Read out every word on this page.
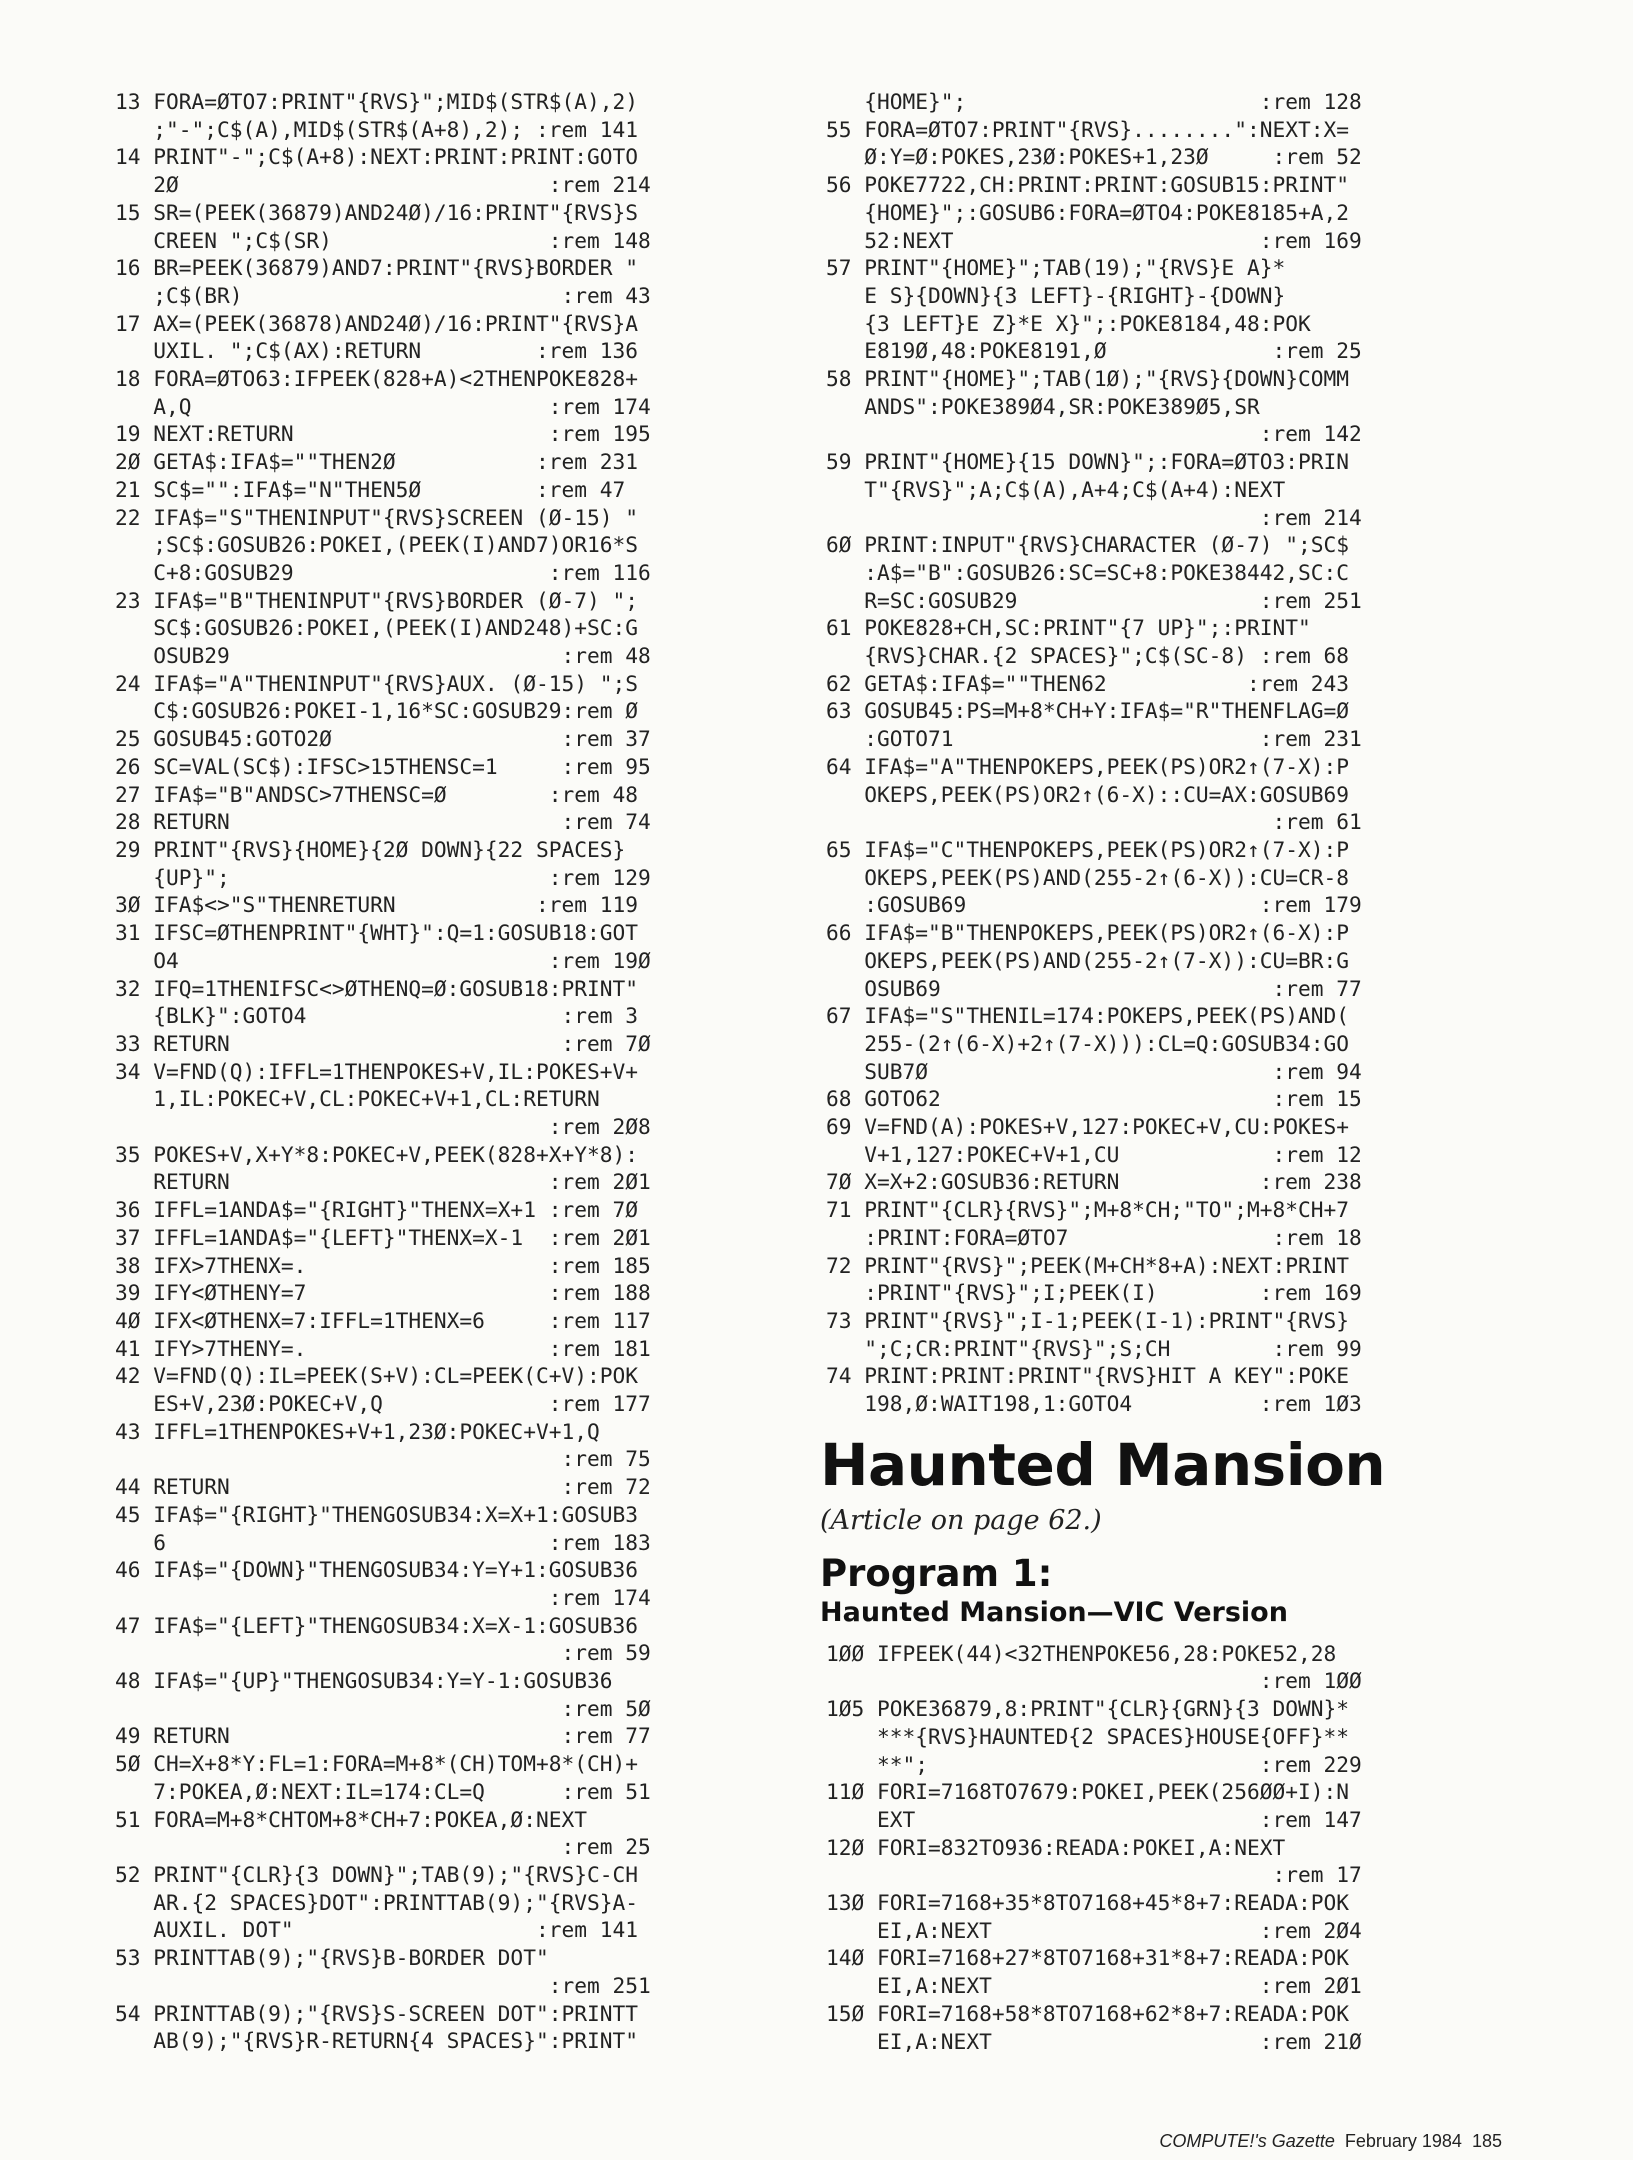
13 FORA=ØTO7:PRINT"{RVS}";MID$(STR$(A),2)
;"-";C$(A),MID$(STR$(A+8),2); :rem 141
14 PRINT"-";C$(A+8):NEXT:PRINT:PRINT:GOTO
2Ø                             :rem 214
15 SR=(PEEK(36879)AND24Ø)/16:PRINT"{RVS}S
CREEN ";C$(SR)                 :rem 148
16 BR=PEEK(36879)AND7:PRINT"{RVS}BORDER "
;C$(BR)                         :rem 43
17 AX=(PEEK(36878)AND24Ø)/16:PRINT"{RVS}A
UXIL. ";C$(AX):RETURN         :rem 136
18 FORA=ØTO63:IFPEEK(828+A)<2THENPOKE828+
A,Q                            :rem 174
19 NEXT:RETURN                    :rem 195
2Ø GETA$:IFA$=""THEN2Ø           :rem 231
21 SC$="":IFA$="N"THEN5Ø         :rem 47
22 IFA$="S"THENINPUT"{RVS}SCREEN (Ø-15) "
;SC$:GOSUB26:POKEI,(PEEK(I)AND7)OR16*S
C+8:GOSUB29                    :rem 116
23 IFA$="B"THENINPUT"{RVS}BORDER (Ø-7) ";
SC$:GOSUB26:POKEI,(PEEK(I)AND248)+SC:G
OSUB29                          :rem 48
24 IFA$="A"THENINPUT"{RVS}AUX. (Ø-15) ";S
C$:GOSUB26:POKEI-1,16*SC:GOSUB29:rem Ø
25 GOSUB45:GOTO2Ø                  :rem 37
26 SC=VAL(SC$):IFSC>15THENSC=1     :rem 95
27 IFA$="B"ANDSC>7THENSC=Ø        :rem 48
28 RETURN                          :rem 74
29 PRINT"{RVS}{HOME}{2Ø DOWN}{22 SPACES}
{UP}";                         :rem 129
3Ø IFA$<>"S"THENRETURN           :rem 119
31 IFSC=ØTHENPRINT"{WHT}":Q=1:GOSUB18:GOT
O4                             :rem 19Ø
32 IFQ=1THENIFSC<>ØTHENQ=Ø:GOSUB18:PRINT"
{BLK}":GOTO4                    :rem 3
33 RETURN                          :rem 7Ø
34 V=FND(Q):IFFL=1THENPOKES+V,IL:POKES+V+
1,IL:POKEC+V,CL:POKEC+V+1,CL:RETURN
:rem 2Ø8
35 POKES+V,X+Y*8:POKEC+V,PEEK(828+X+Y*8):
RETURN                         :rem 2Ø1
36 IFFL=1ANDA$="{RIGHT}"THENX=X+1 :rem 7Ø
37 IFFL=1ANDA$="{LEFT}"THENX=X-1  :rem 2Ø1
38 IFX>7THENX=.                   :rem 185
39 IFY<ØTHENY=7                   :rem 188
4Ø IFX<ØTHENX=7:IFFL=1THENX=6     :rem 117
41 IFY>7THENY=.                   :rem 181
42 V=FND(Q):IL=PEEK(S+V):CL=PEEK(C+V):POK
ES+V,23Ø:POKEC+V,Q             :rem 177
43 IFFL=1THENPOKES+V+1,23Ø:POKEC+V+1,Q
:rem 75
44 RETURN                          :rem 72
45 IFA$="{RIGHT}"THENGOSUB34:X=X+1:GOSUB3
6                              :rem 183
46 IFA$="{DOWN}"THENGOSUB34:Y=Y+1:GOSUB36
:rem 174
47 IFA$="{LEFT}"THENGOSUB34:X=X-1:GOSUB36
:rem 59
48 IFA$="{UP}"THENGOSUB34:Y=Y-1:GOSUB36
:rem 5Ø
49 RETURN                          :rem 77
5Ø CH=X+8*Y:FL=1:FORA=M+8*(CH)TOM+8*(CH)+
7:POKEA,Ø:NEXT:IL=174:CL=Q      :rem 51
51 FORA=M+8*CHTOM+8*CH+7:POKEA,Ø:NEXT
:rem 25
52 PRINT"{CLR}{3 DOWN}";TAB(9);"{RVS}C-CH
AR.{2 SPACES}DOT":PRINTTAB(9);"{RVS}A-
AUXIL. DOT"                   :rem 141
53 PRINTTAB(9);"{RVS}B-BORDER DOT"
:rem 251
54 PRINTTAB(9);"{RVS}S-SCREEN DOT":PRINTT
AB(9);"{RVS}R-RETURN{4 SPACES}":PRINT"
{HOME}";                       :rem 128
55 FORA=ØTO7:PRINT"{RVS}........":NEXT:X=
Ø:Y=Ø:POKES,23Ø:POKES+1,23Ø     :rem 52
56 POKE7722,CH:PRINT:PRINT:GOSUB15:PRINT"
{HOME}";:GOSUB6:FORA=ØTO4:POKE8185+A,2
52:NEXT                        :rem 169
57 PRINT"{HOME}";TAB(19);"{RVS}E A}*
E S}{DOWN}{3 LEFT}-{RIGHT}-{DOWN}
{3 LEFT}E Z}*E X}";:POKE8184,48:POK
E819Ø,48:POKE8191,Ø             :rem 25
58 PRINT"{HOME}";TAB(1Ø);"{RVS}{DOWN}COMM
ANDS":POKE389Ø4,SR:POKE389Ø5,SR
:rem 142
59 PRINT"{HOME}{15 DOWN}";:FORA=ØTO3:PRIN
T"{RVS}";A;C$(A),A+4;C$(A+4):NEXT
:rem 214
6Ø PRINT:INPUT"{RVS}CHARACTER (Ø-7) ";SC$
:A$="B":GOSUB26:SC=SC+8:POKE38442,SC:C
R=SC:GOSUB29                   :rem 251
61 POKE828+CH,SC:PRINT"{7 UP}";:PRINT"
{RVS}CHAR.{2 SPACES}";C$(SC-8) :rem 68
62 GETA$:IFA$=""THEN62           :rem 243
63 GOSUB45:PS=M+8*CH+Y:IFA$="R"THENFLAG=Ø
:GOTO71                        :rem 231
64 IFA$="A"THENPOKEPS,PEEK(PS)OR2↑(7-X):P
OKEPS,PEEK(PS)OR2↑(6-X)::CU=AX:GOSUB69
:rem 61
65 IFA$="C"THENPOKEPS,PEEK(PS)OR2↑(7-X):P
OKEPS,PEEK(PS)AND(255-2↑(6-X)):CU=CR-8
:GOSUB69                       :rem 179
66 IFA$="B"THENPOKEPS,PEEK(PS)OR2↑(6-X):P
OKEPS,PEEK(PS)AND(255-2↑(7-X)):CU=BR:G
OSUB69                          :rem 77
67 IFA$="S"THENIL=174:POKEPS,PEEK(PS)AND(
255-(2↑(6-X)+2↑(7-X))):CL=Q:GOSUB34:GO
SUB7Ø                           :rem 94
68 GOTO62                          :rem 15
69 V=FND(A):POKES+V,127:POKEC+V,CU:POKES+
V+1,127:POKEC+V+1,CU            :rem 12
7Ø X=X+2:GOSUB36:RETURN           :rem 238
71 PRINT"{CLR}{RVS}";M+8*CH;"TO";M+8*CH+7
:PRINT:FORA=ØTO7                :rem 18
72 PRINT"{RVS}";PEEK(M+CH*8+A):NEXT:PRINT
:PRINT"{RVS}";I;PEEK(I)        :rem 169
73 PRINT"{RVS}";I-1;PEEK(I-1):PRINT"{RVS}
";C;CR:PRINT"{RVS}";S;CH        :rem 99
74 PRINT:PRINT:PRINT"{RVS}HIT A KEY":POKE
198,Ø:WAIT198,1:GOTO4          :rem 1Ø3
Haunted Mansion
(Article on page 62.)
Program 1:
Haunted Mansion—VIC Version
1ØØ IFPEEK(44)<32THENPOKE56,28:POKE52,28
:rem 1ØØ
1Ø5 POKE36879,8:PRINT"{CLR}{GRN}{3 DOWN}*
***{RVS}HAUNTED{2 SPACES}HOUSE{OFF}**
**";                          :rem 229
11Ø FORI=7168TO7679:POKEI,PEEK(256ØØ+I):N
EXT                           :rem 147
12Ø FORI=832TO936:READA:POKEI,A:NEXT
:rem 17
13Ø FORI=7168+35*8TO7168+45*8+7:READA:POK
EI,A:NEXT                     :rem 2Ø4
14Ø FORI=7168+27*8TO7168+31*8+7:READA:POK
EI,A:NEXT                     :rem 2Ø1
15Ø FORI=7168+58*8TO7168+62*8+7:READA:POK
EI,A:NEXT                     :rem 21Ø
COMPUTE!'s Gazette February 1984 185
